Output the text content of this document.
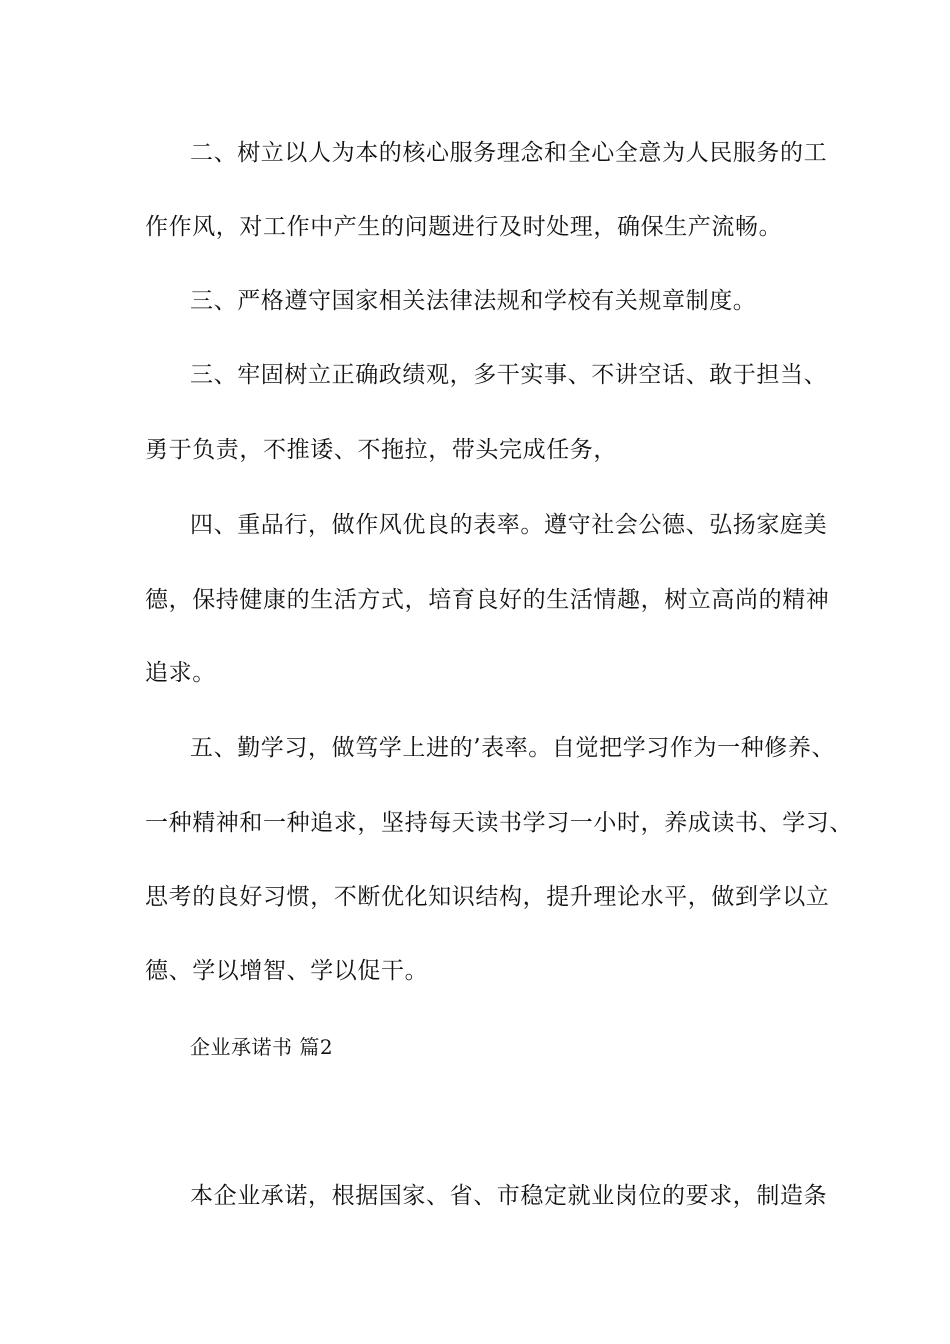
二、树立以人为本的核心服务理念和全心全意为人民服务的工
作作风，对工作中产生的问题进行及时处理，确保生产流畅。
三、严格遵守国家相关法律法规和学校有关规章制度。
三、牢固树立正确政绩观，多干实事、不讲空话、敢于担当、
勇于负责，不推诿、不拖拉，带头完成任务，
四、重品行，做作风优良的表率。遵守社会公德、弘扬家庭美
德，保持健康的生活方式，培育良好的生活情趣，树立高尚的精神
追求。
五、勤学习，做笃学上进的’表率。自觉把学习作为一种修养、
一种精神和一种追求，坚持每天读书学习一小时，养成读书、学习、
思考的良好习惯，不断优化知识结构，提升理论水平，做到学以立
德、学以增智、学以促干。
企业承诺书 篇2
本企业承诺，根据国家、省、市稳定就业岗位的要求，制造条
